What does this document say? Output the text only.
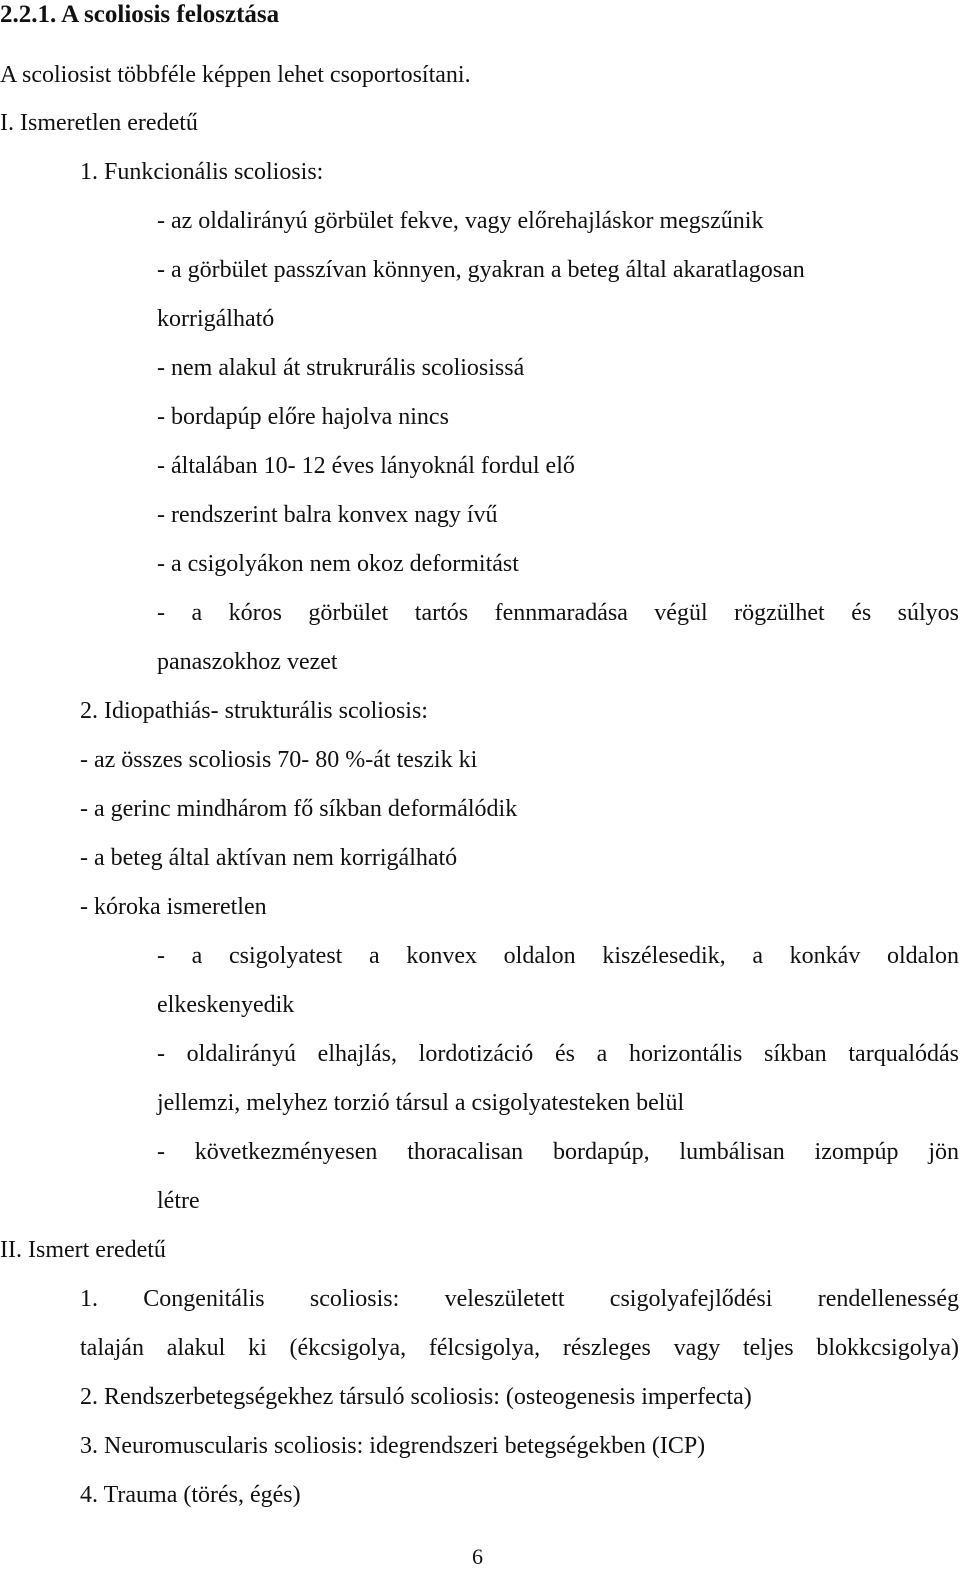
2.2.1. A scoliosis felosztása
A scoliosist többféle képpen lehet csoportosítani.
I. Ismeretlen eredetű
1. Funkcionális scoliosis:
- az oldalirányú görbület fekve, vagy előrehajláskor megszűnik
- a görbület passzívan könnyen, gyakran a beteg által akaratlagosan
korrigálható
- nem alakul át strukrurális scoliosissá
- bordapúp előre hajolva nincs
- általában 10- 12 éves lányoknál fordul elő
- rendszerint balra konvex nagy ívű
- a csigolyákon nem okoz deformitást
- a kóros görbület tartós fennmaradása végül rögzülhet és súlyos
panaszokhoz vezet
2. Idiopathiás- strukturális scoliosis:
- az összes scoliosis 70- 80 %-át teszik ki
- a gerinc mindhárom fő síkban deformálódik
- a beteg által aktívan nem korrigálható
- kóroka ismeretlen
- a csigolyatest a konvex oldalon kiszélesedik, a konkáv oldalon
elkeskenyedik
- oldalirányú elhajlás, lordotizáció és a horizontális síkban tarqualódás
jellemzi, melyhez torzió társul a csigolyatesteken belül
- következményesen thoracalisan bordapúp, lumbálisan izompúp jön
létre
II. Ismert eredetű
1. Congenitális scoliosis: veleszületett csigolyafejlődési rendellenesség
talaján alakul ki (ékcsigolya, félcsigolya, részleges vagy teljes blokkcsigolya)
2. Rendszerbetegségekhez társuló scoliosis: (osteogenesis imperfecta)
3. Neuromuscularis scoliosis: idegrendszeri betegségekben (ICP)
4. Trauma (törés, égés)
6
